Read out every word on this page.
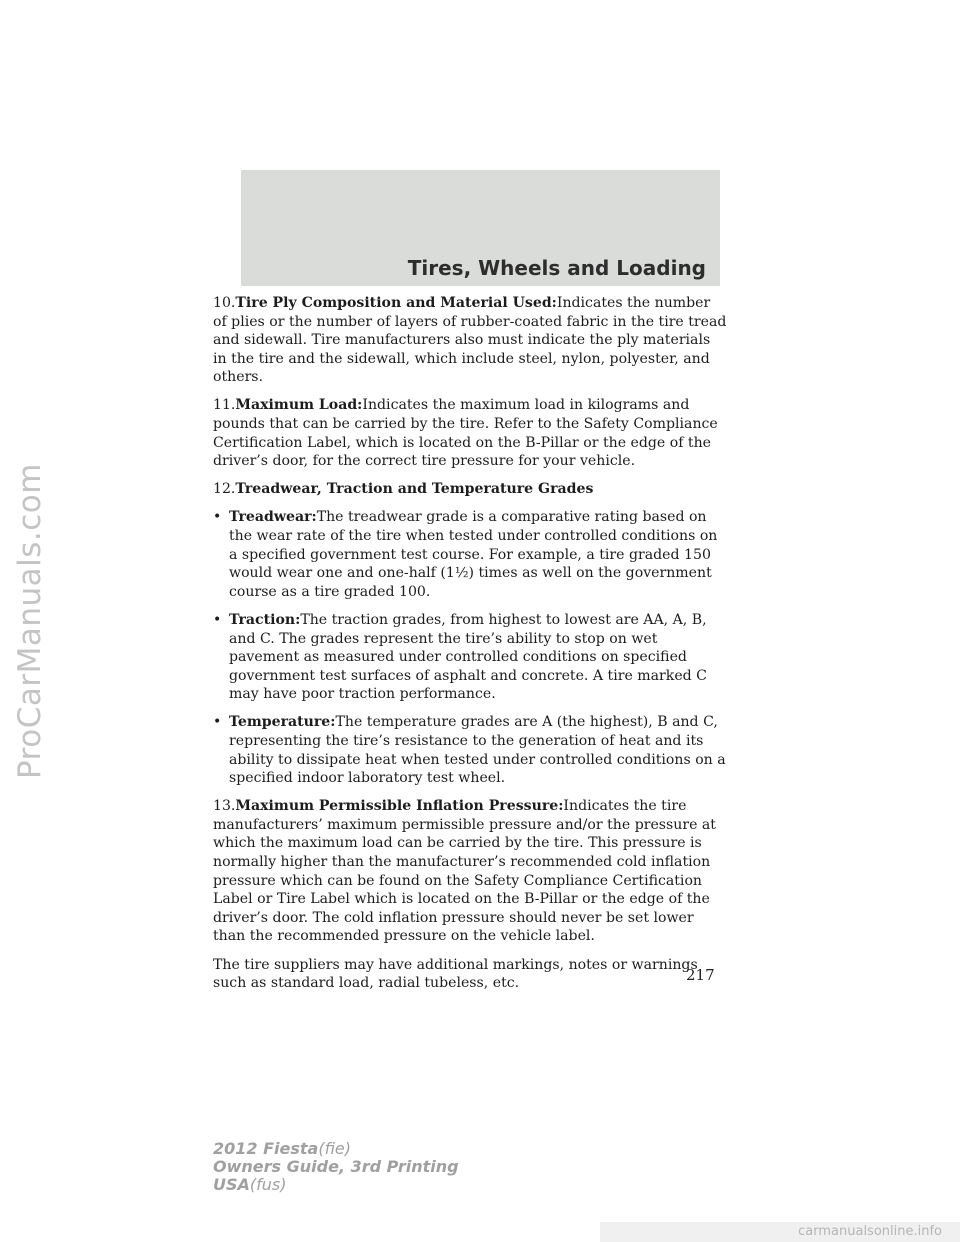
ProCarManuals.com
Tires, Wheels and Loading

10.Tire Ply Composition and Material Used:Indicates the number of plies or the number of layers of rubber-coated fabric in the tire tread and sidewall. Tire manufacturers also must indicate the ply materials in the tire and the sidewall, which include steel, nylon, polyester, and others.

11.Maximum Load:Indicates the maximum load in kilograms and pounds that can be carried by the tire. Refer to the Safety Compliance Certification Label, which is located on the B-Pillar or the edge of the driver’s door, for the correct tire pressure for your vehicle.

12.Treadwear, Traction and Temperature Grades

• Treadwear:The treadwear grade is a comparative rating based on the wear rate of the tire when tested under controlled conditions on a specified government test course. For example, a tire graded 150 would wear one and one-half (1½) times as well on the government course as a tire graded 100.
• Traction:The traction grades, from highest to lowest are AA, A, B, and C. The grades represent the tire’s ability to stop on wet pavement as measured under controlled conditions on specified government test surfaces of asphalt and concrete. A tire marked C may have poor traction performance.
• Temperature:The temperature grades are A (the highest), B and C, representing the tire’s resistance to the generation of heat and its ability to dissipate heat when tested under controlled conditions on a specified indoor laboratory test wheel.

13.Maximum Permissible Inflation Pressure:Indicates the tire manufacturers’ maximum permissible pressure and/or the pressure at which the maximum load can be carried by the tire. This pressure is normally higher than the manufacturer’s recommended cold inflation pressure which can be found on the Safety Compliance Certification Label or Tire Label which is located on the B-Pillar or the edge of the driver’s door. The cold inflation pressure should never be set lower than the recommended pressure on the vehicle label.

The tire suppliers may have additional markings, notes or warnings such as standard load, radial tubeless, etc.	217
2012 Fiesta(fie)
Owners Guide, 3rd Printing
USA(fus)
carmanualsonline.info
